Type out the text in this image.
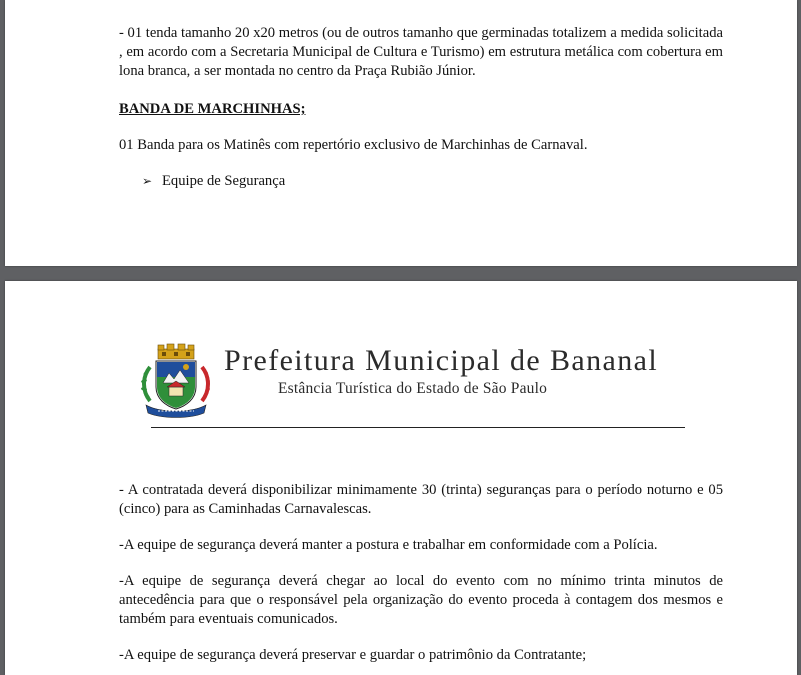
- 01 tenda tamanho 20 x20 metros (ou de outros tamanho que germinadas totalizem a medida solicitada , em acordo com a Secretaria Municipal de Cultura e Turismo) em estrutura metálica com cobertura em lona branca, a ser montada no centro da Praça Rubião Júnior.
BANDA DE MARCHINHAS;
01 Banda para os Matinês com repertório exclusivo de Marchinhas de Carnaval.
➢ Equipe de Segurança
Prefeitura Municipal de Bananal
Estância Turística do Estado de São Paulo
- A contratada deverá disponibilizar minimamente 30 (trinta) seguranças para o período noturno e 05 (cinco) para as Caminhadas Carnavalescas.
-A equipe de segurança deverá manter a postura e trabalhar em conformidade com a Polícia.
-A equipe de segurança deverá chegar ao local do evento com no mínimo trinta minutos de antecedência para que o responsável pela organização do evento proceda à contagem dos mesmos e também para eventuais comunicados.
-A equipe de segurança deverá preservar e guardar o patrimônio da Contratante;
